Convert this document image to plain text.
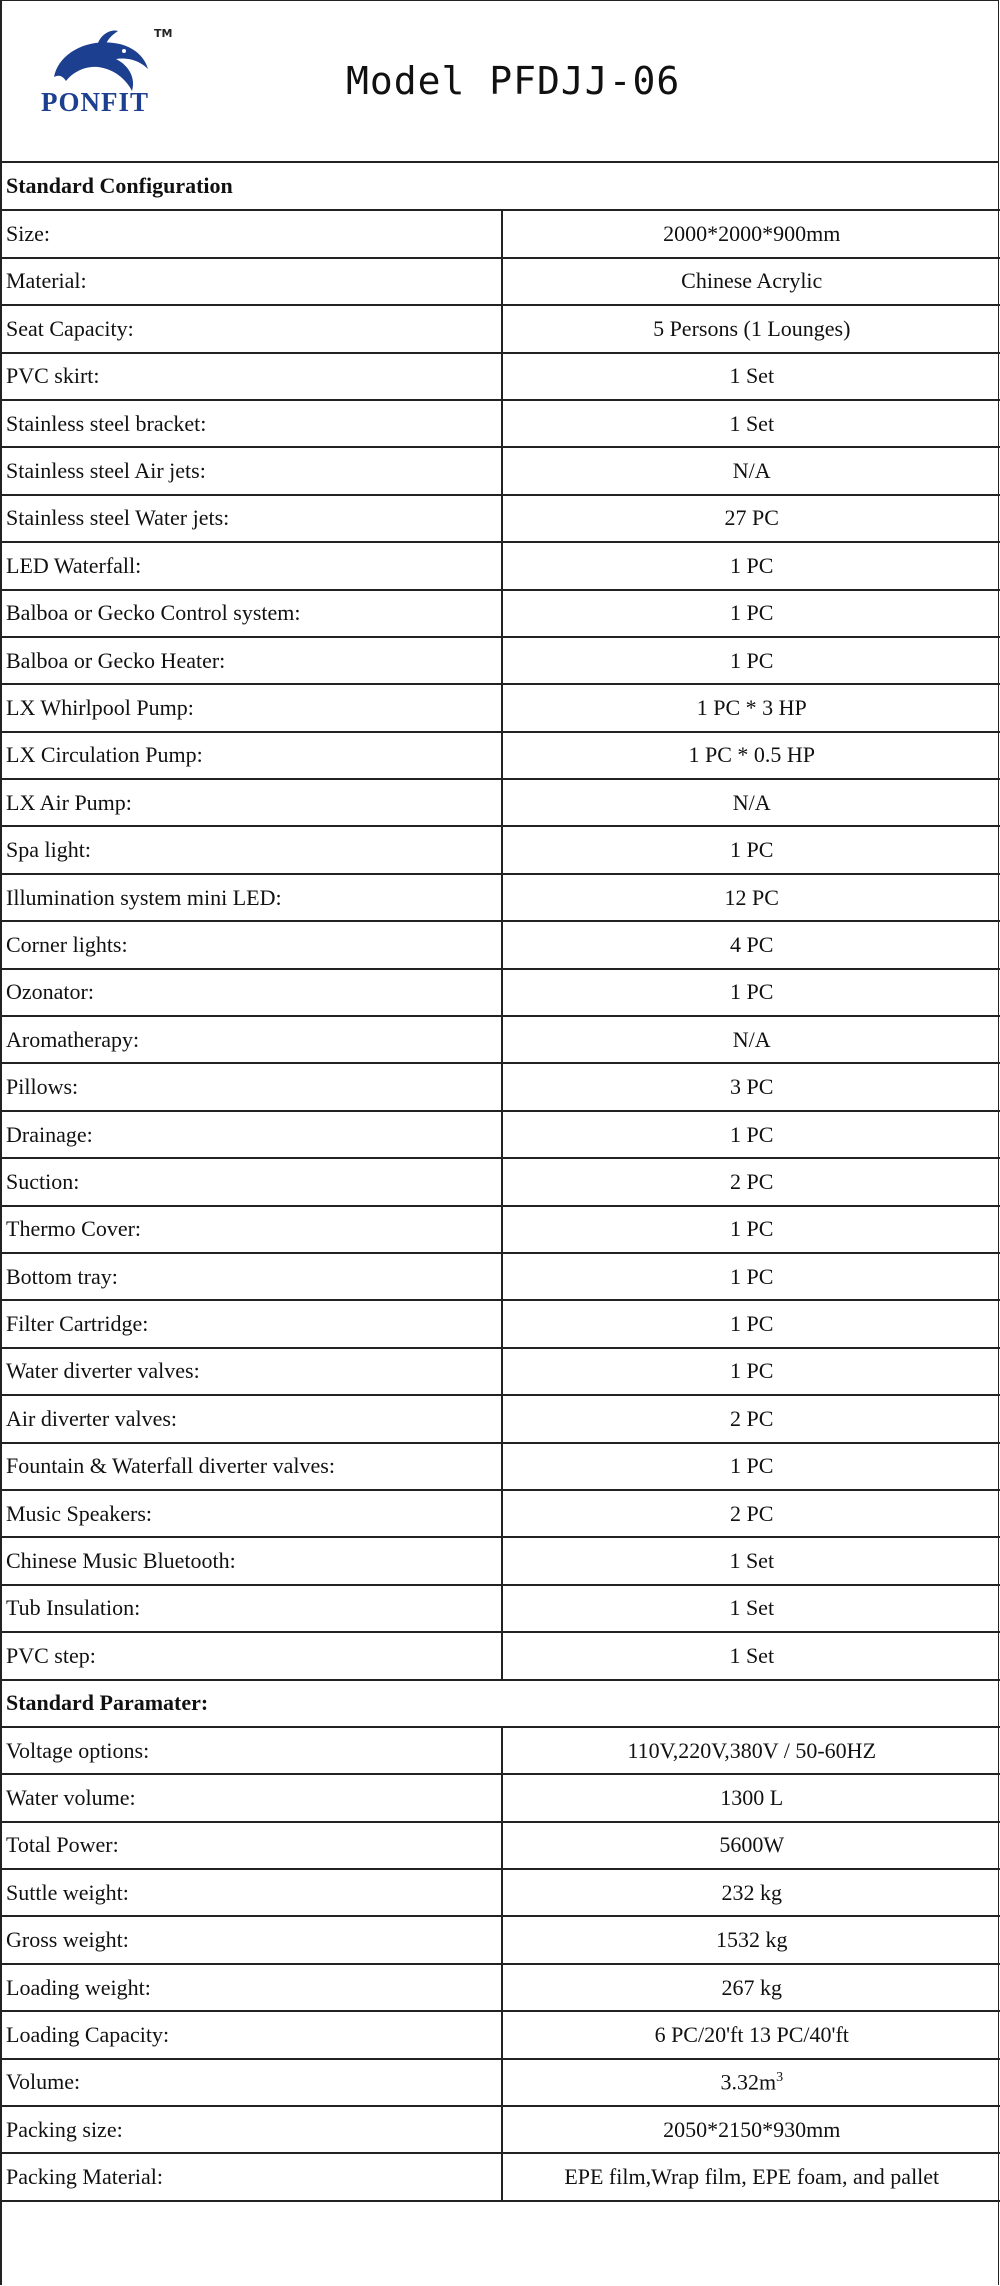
TM
PONFIT	Model PFDJJ-06
Standard Configuration	
Size:	2000*2000*900mm
Material:	Chinese Acrylic
Seat Capacity:	5 Persons (1 Lounges)
PVC skirt:	1 Set
Stainless steel bracket:	1 Set
Stainless steel Air jets:	N/A
Stainless steel Water jets:	27 PC
LED Waterfall:	1 PC
Balboa or Gecko Control system:	1 PC
Balboa or Gecko Heater:	1 PC
LX Whirlpool Pump:	1 PC * 3 HP
LX Circulation Pump:	1 PC * 0.5 HP
LX Air Pump:	N/A
Spa light:	1 PC
Illumination system mini LED:	12 PC
Corner lights:	4 PC
Ozonator:	1 PC
Aromatherapy:	N/A
Pillows:	3 PC
Drainage:	1 PC
Suction:	2 PC
Thermo Cover:	1 PC
Bottom tray:	1 PC
Filter Cartridge:	1 PC
Water diverter valves:	1 PC
Air diverter valves:	2 PC
Fountain & Waterfall diverter valves:	1 PC
Music Speakers:	2 PC
Chinese Music Bluetooth:	1 Set
Tub Insulation:	1 Set
PVC step:	1 Set
Standard Paramater:	
Voltage options:	110V,220V,380V / 50-60HZ
Water volume:	1300 L
Total Power:	5600W
Suttle weight:	232 kg
Gross weight:	1532 kg
Loading weight:	267 kg
Loading Capacity:	6 PC/20'ft 13 PC/40'ft
Volume:	$3.32m^3$
Packing size:	2050*2150*930mm
Packing Material:	EPE film,Wrap film, EPE foam, and pallet
